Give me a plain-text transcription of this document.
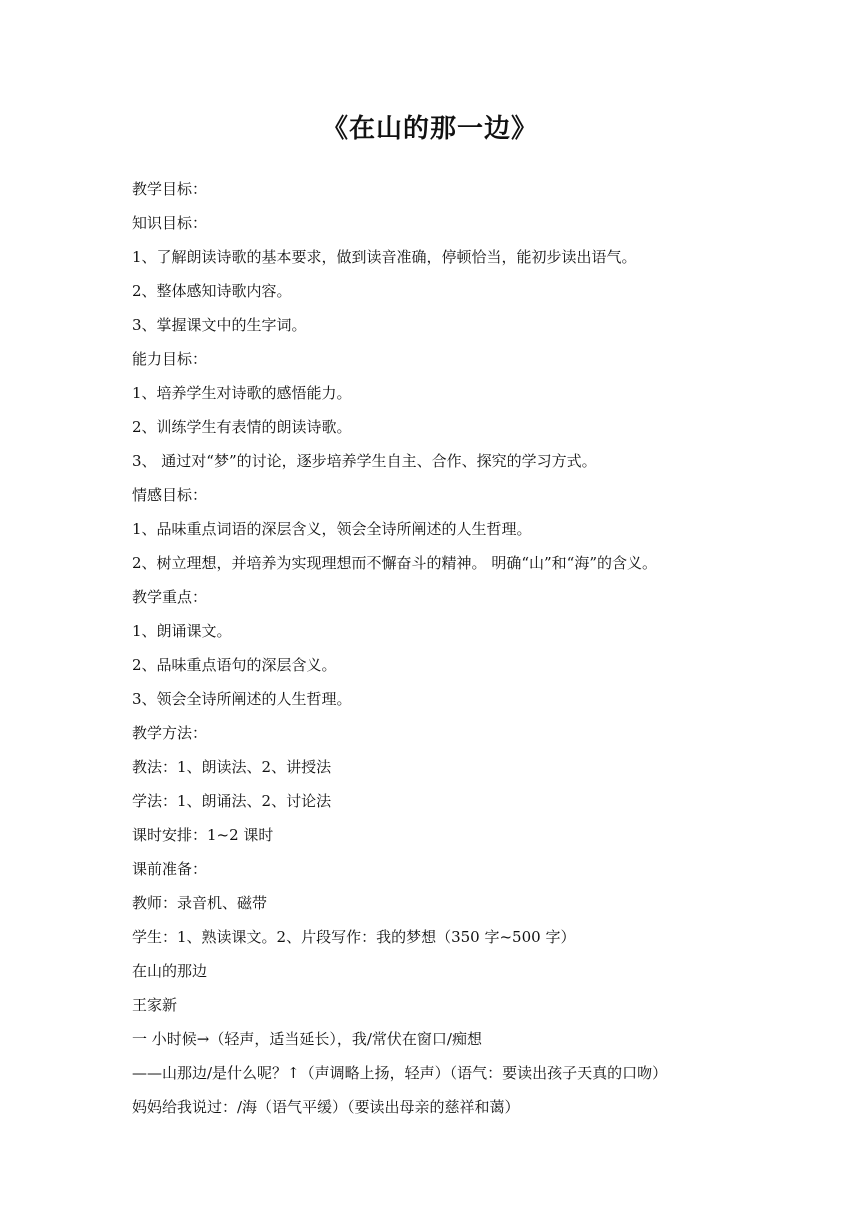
《在山的那一边》

教学目标：

知识目标：

1、了解朗读诗歌的基本要求，做到读音准确，停顿恰当，能初步读出语气。

2、整体感知诗歌内容。

3、掌握课文中的生字词。

能力目标：

1、培养学生对诗歌的感悟能力。

2、训练学生有表情的朗读诗歌。

3、 通过对“梦”的讨论，逐步培养学生自主、合作、探究的学习方式。

情感目标：

1、品味重点词语的深层含义，领会全诗所阐述的人生哲理。

2、树立理想，并培养为实现理想而不懈奋斗的精神。 明确“山”和“海”的含义。

教学重点：

1、朗诵课文。

2、品味重点语句的深层含义。

3、领会全诗所阐述的人生哲理。

教学方法：

教法：1、朗读法、2、讲授法

学法：1、朗诵法、2、讨论法

课时安排：1~2 课时

课前准备：

教师：录音机、磁带

学生：1、熟读课文。2、片段写作：我的梦想（350 字~500 字）

在山的那边

王家新

一 小时候→（轻声，适当延长），我/常伏在窗口/痴想

——山那边/是什么呢？↑（声调略上扬，轻声）（语气：要读出孩子天真的口吻）

妈妈给我说过：/海（语气平缓）（要读出母亲的慈祥和蔼）
